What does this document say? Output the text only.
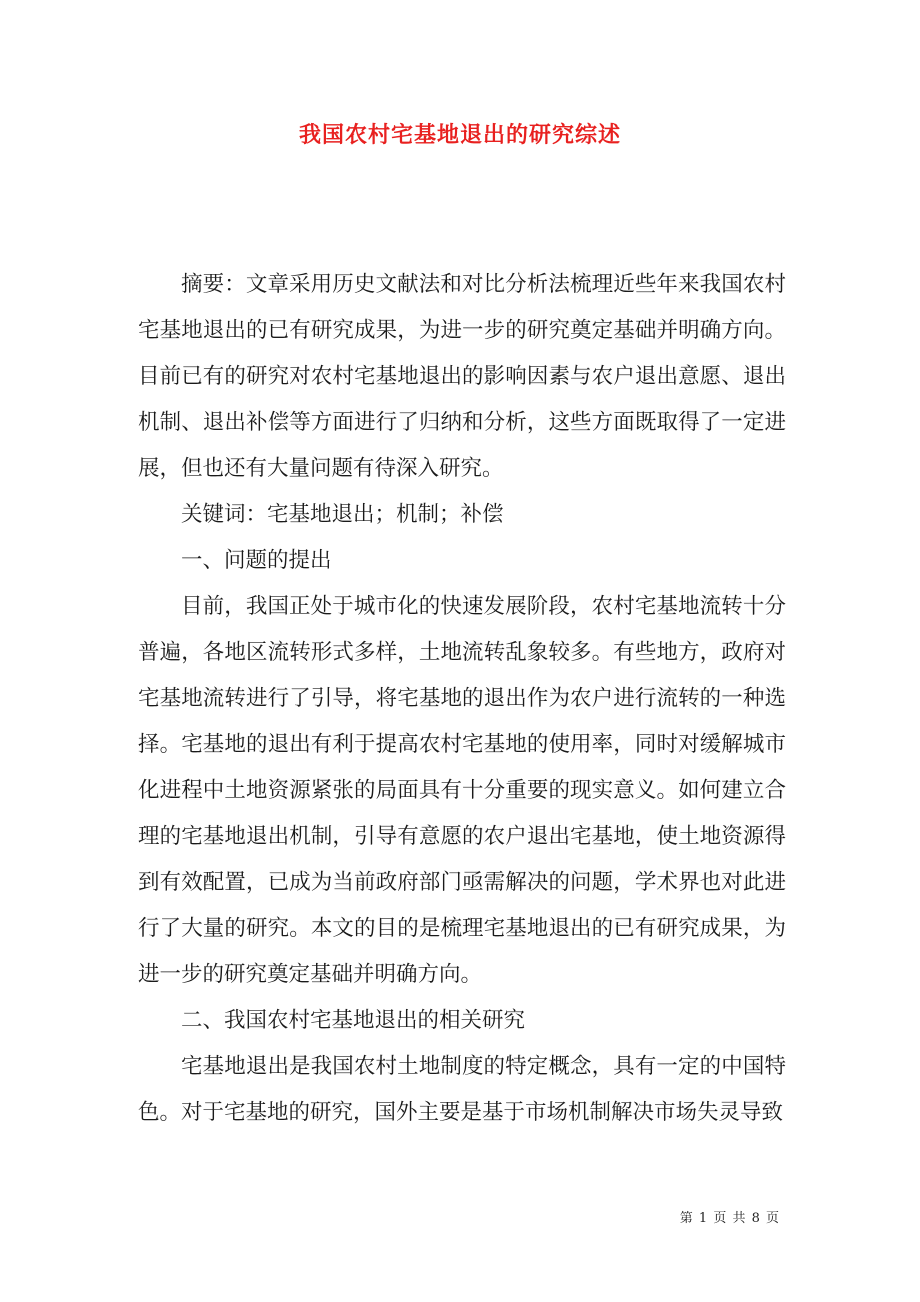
我国农村宅基地退出的研究综述

摘要：文章采用历史文献法和对比分析法梳理近些年来我国农村宅基地退出的已有研究成果，为进一步的研究奠定基础并明确方向。目前已有的研究对农村宅基地退出的影响因素与农户退出意愿、退出机制、退出补偿等方面进行了归纳和分析，这些方面既取得了一定进展，但也还有大量问题有待深入研究。

关键词：宅基地退出；机制；补偿

一、问题的提出

目前，我国正处于城市化的快速发展阶段，农村宅基地流转十分普遍，各地区流转形式多样，土地流转乱象较多。有些地方，政府对宅基地流转进行了引导，将宅基地的退出作为农户进行流转的一种选择。宅基地的退出有利于提高农村宅基地的使用率，同时对缓解城市化进程中土地资源紧张的局面具有十分重要的现实意义。如何建立合理的宅基地退出机制，引导有意愿的农户退出宅基地，使土地资源得到有效配置，已成为当前政府部门亟需解决的问题，学术界也对此进行了大量的研究。本文的目的是梳理宅基地退出的已有研究成果，为进一步的研究奠定基础并明确方向。

二、我国农村宅基地退出的相关研究

宅基地退出是我国农村土地制度的特定概念，具有一定的中国特色。对于宅基地的研究，国外主要是基于市场机制解决市场失灵导致

第 1 页 共 8 页
